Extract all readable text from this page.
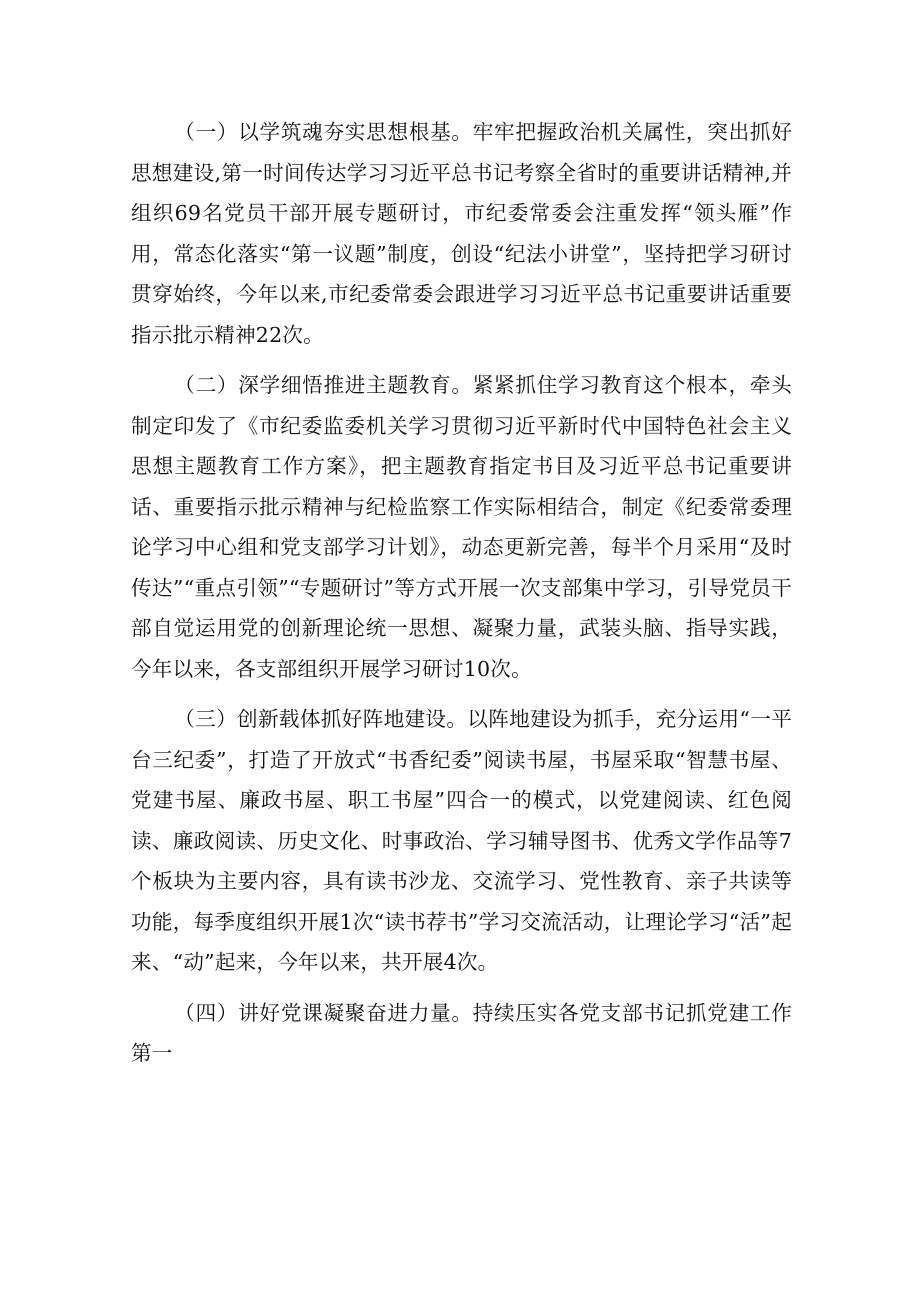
（一）以学筑魂夯实思想根基。牢牢把握政治机关属性，突出抓好思想建设,第一时间传达学习习近平总书记考察全省时的重要讲话精神,并组织69名党员干部开展专题研讨，市纪委常委会注重发挥“领头雁”作用，常态化落实“第一议题”制度，创设“纪法小讲堂”，坚持把学习研讨贯穿始终，今年以来,市纪委常委会跟进学习习近平总书记重要讲话重要指示批示精神22次。

（二）深学细悟推进主题教育。紧紧抓住学习教育这个根本，牵头制定印发了《市纪委监委机关学习贯彻习近平新时代中国特色社会主义思想主题教育工作方案》，把主题教育指定书目及习近平总书记重要讲话、重要指示批示精神与纪检监察工作实际相结合，制定《纪委常委理论学习中心组和党支部学习计划》，动态更新完善，每半个月采用“及时传达”“重点引领”“专题研讨”等方式开展一次支部集中学习，引导党员干部自觉运用党的创新理论统一思想、凝聚力量，武装头脑、指导实践，今年以来，各支部组织开展学习研讨10次。

（三）创新载体抓好阵地建设。以阵地建设为抓手，充分运用“一平台三纪委”，打造了开放式“书香纪委”阅读书屋，书屋采取“智慧书屋、党建书屋、廉政书屋、职工书屋”四合一的模式，以党建阅读、红色阅读、廉政阅读、历史文化、时事政治、学习辅导图书、优秀文学作品等7个板块为主要内容，具有读书沙龙、交流学习、党性教育、亲子共读等功能，每季度组织开展1次“读书荐书”学习交流活动，让理论学习“活”起来、“动”起来，今年以来，共开展4次。

（四）讲好党课凝聚奋进力量。持续压实各党支部书记抓党建工作第一
